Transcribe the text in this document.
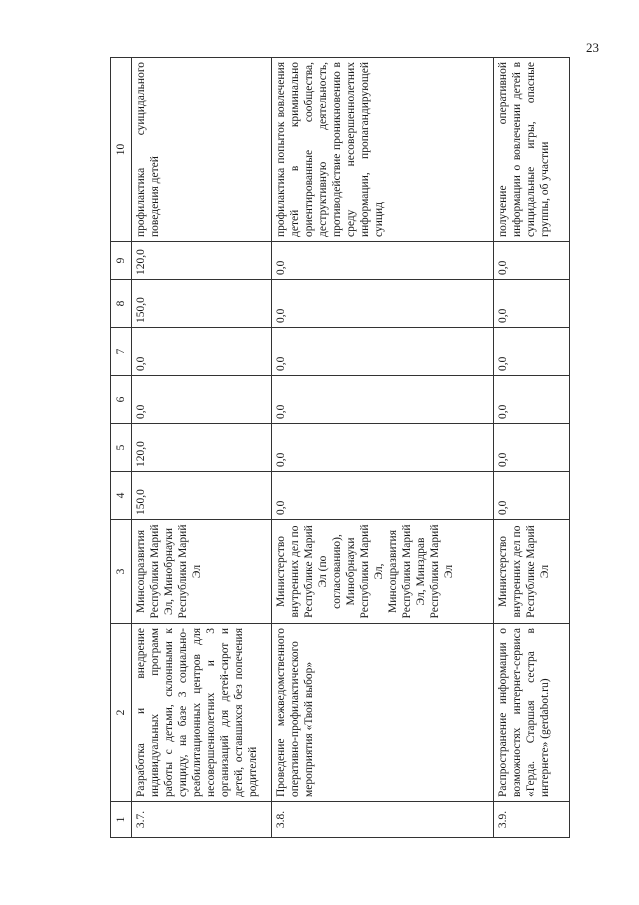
23
1	2	3	4	5	6	7	8	9	10
3.7.	Разработка и внедрение индивидуальных программ работы с детьми, склонными к суициду, на базе 3 социально-реабилитационных центров для несовершеннолетних и 3 организаций для детей-сирот и детей, оставшихся без попечения родителей	Минсоцразвития Республики Марий Эл, Минобрнауки Республики Марий Эл	150,0	120,0	0,0	0,0	150,0	120,0	профилактика суицидального поведения детей
3.8.	Проведение межведомственного оперативно-профилактического мероприятия «Твой выбор»	Министерство внутренних дел по Республике Марий Эл (по согласованию), Минобрнауки Республики Марий Эл, Минсоцразвития Республики Марий Эл, Минздрав Республики Марий Эл	0,0	0,0	0,0	0,0	0,0	0,0	профилактика попыток вовлечения детей в криминально ориентированные сообщества, деструктивную деятельность, противодействие проникновению в среду несовершеннолетних информации, пропагандирующей суицид
3.9.	Распространение информации о возможностях интернет-сервиса «Герда. Старшая сестра в интернете» (gerdabot.ru)	Министерство внутренних дел по Республике Марий Эл	0,0	0,0	0,0	0,0	0,0	0,0	получение оперативной информации о вовлечении детей в суицидальные игры, опасные группы, об участии
